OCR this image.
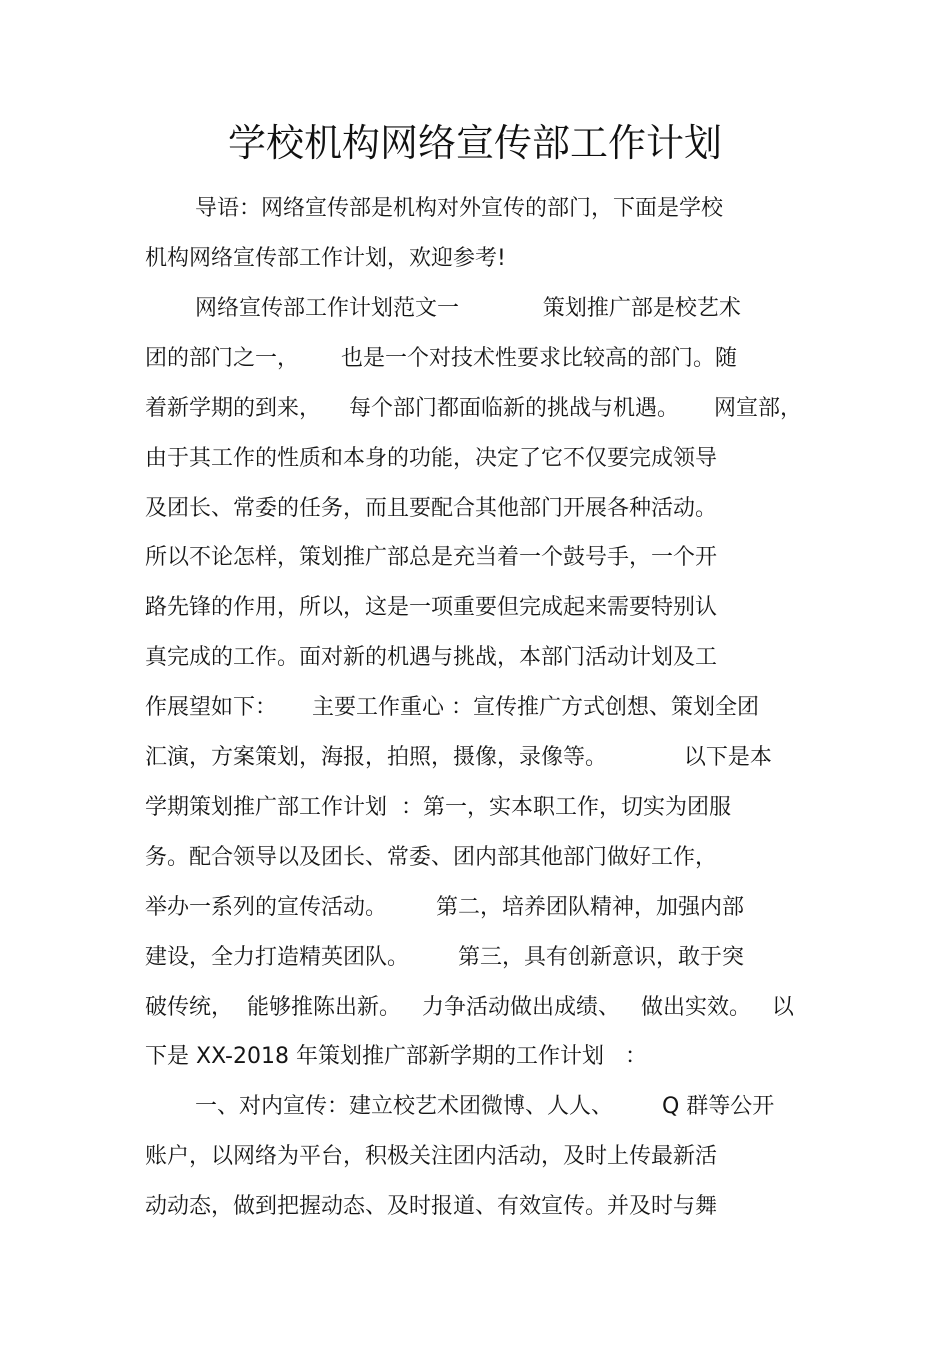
学校机构网络宣传部工作计划
导语：网络宣传部是机构对外宣传的部门，下面是学校
机构网络宣传部工作计划，欢迎参考!
网络宣传部工作计划范文一            策划推广部是校艺术
团的部门之一，      也是一个对技术性要求比较高的部门。随
着新学期的到来，    每个部门都面临新的挑战与机遇。     网宣部，
由于其工作的性质和本身的功能，决定了它不仅要完成领导
及团长、常委的任务，而且要配合其他部门开展各种活动。
所以不论怎样，策划推广部总是充当着一个鼓号手，一个开
路先锋的作用，所以，这是一项重要但完成起来需要特别认
真完成的工作。面对新的机遇与挑战，本部门活动计划及工
作展望如下：     主要工作重心 ：宣传推广方式创想、策划全团
汇演，方案策划，海报，拍照，摄像，录像等。           以下是本
学期策划推广部工作计划  ：第一，实本职工作，切实为团服
务。配合领导以及团长、常委、团内部其他部门做好工作，
举办一系列的宣传活动。       第二，培养团队精神，加强内部
建设，全力打造精英团队。       第三，具有创新意识，敢于突
破传统，  能够推陈出新。   力争活动做出成绩、   做出实效。   以
下是 XX-2018 年策划推广部新学期的工作计划   ：
一、对内宣传：建立校艺术团微博、人人、       Q 群等公开
账户，以网络为平台，积极关注团内活动，及时上传最新活
动动态，做到把握动态、及时报道、有效宣传。并及时与舞
